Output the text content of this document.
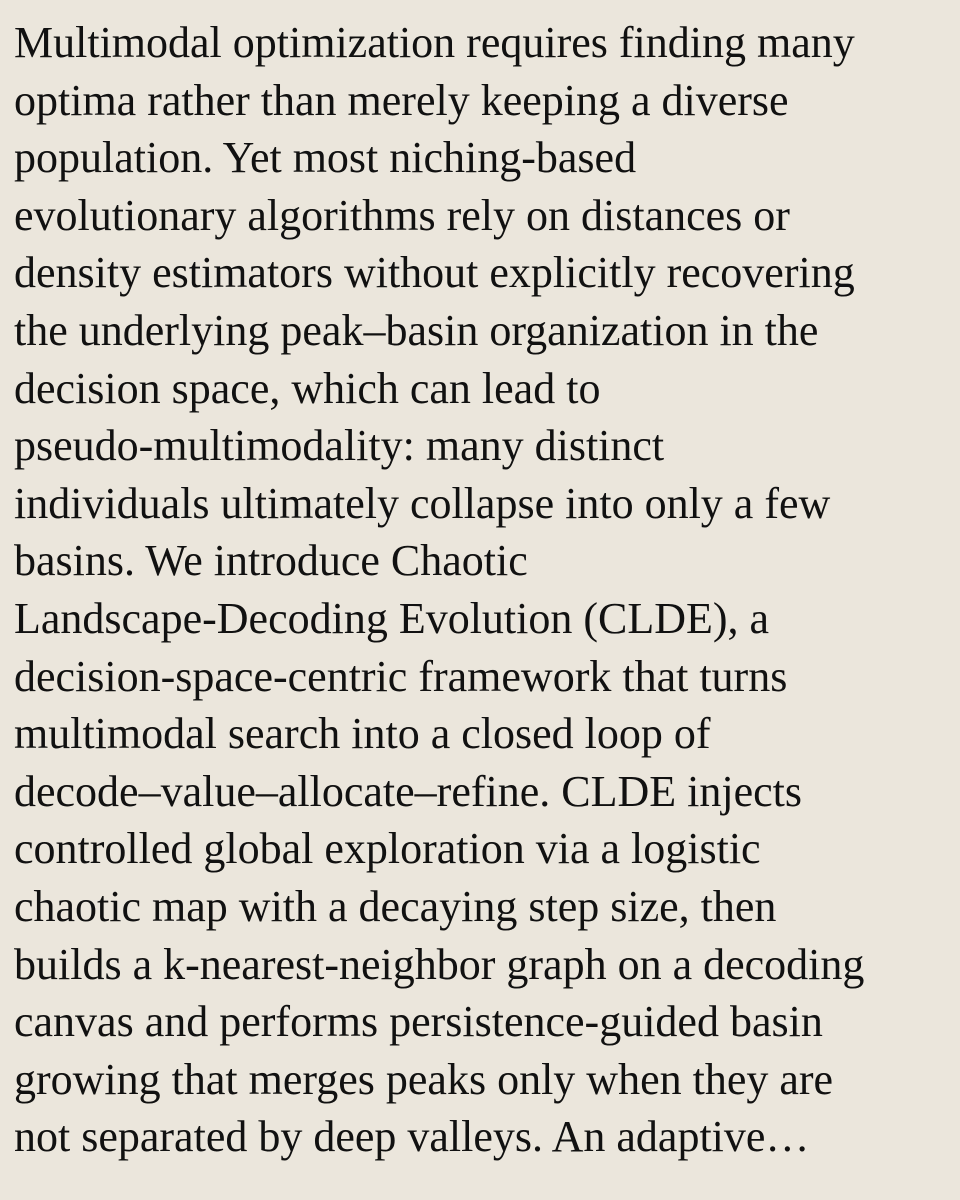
Multimodal optimization requires finding many
optima rather than merely keeping a diverse
population. Yet most niching-based
evolutionary algorithms rely on distances or
density estimators without explicitly recovering
the underlying peak–basin organization in the
decision space, which can lead to
pseudo-multimodality: many distinct
individuals ultimately collapse into only a few
basins. We introduce Chaotic
Landscape-Decoding Evolution (CLDE), a
decision-space-centric framework that turns
multimodal search into a closed loop of
decode–value–allocate–refine. CLDE injects
controlled global exploration via a logistic
chaotic map with a decaying step size, then
builds a k-nearest-neighbor graph on a decoding
canvas and performs persistence-guided basin
growing that merges peaks only when they are
not separated by deep valleys. An adaptive…
